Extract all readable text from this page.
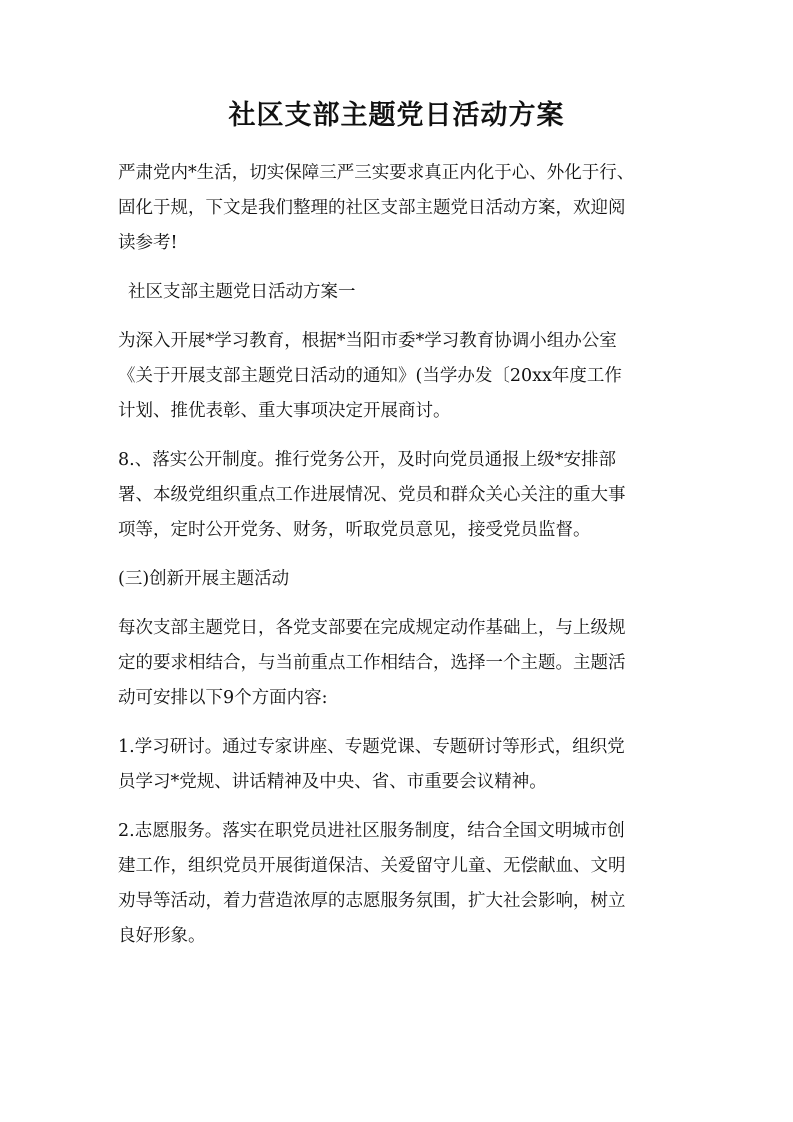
社区支部主题党日活动方案

严肃党内*生活，切实保障三严三实要求真正内化于心、外化于行、
固化于规，下文是我们整理的社区支部主题党日活动方案，欢迎阅
读参考!

社区支部主题党日活动方案一

为深入开展*学习教育，根据*当阳市委*学习教育协调小组办公室
《关于开展支部主题党日活动的通知》(当学办发〔20xx年度工作
计划、推优表彰、重大事项决定开展商讨。

8.、落实公开制度。推行党务公开，及时向党员通报上级*安排部
署、本级党组织重点工作进展情况、党员和群众关心关注的重大事
项等，定时公开党务、财务，听取党员意见，接受党员监督。

(三)创新开展主题活动

每次支部主题党日，各党支部要在完成规定动作基础上，与上级规
定的要求相结合，与当前重点工作相结合，选择一个主题。主题活
动可安排以下9个方面内容:

1.学习研讨。通过专家讲座、专题党课、专题研讨等形式，组织党
员学习*党规、讲话精神及中央、省、市重要会议精神。

2.志愿服务。落实在职党员进社区服务制度，结合全国文明城市创
建工作，组织党员开展街道保洁、关爱留守儿童、无偿献血、文明
劝导等活动，着力营造浓厚的志愿服务氛围，扩大社会影响，树立
良好形象。
